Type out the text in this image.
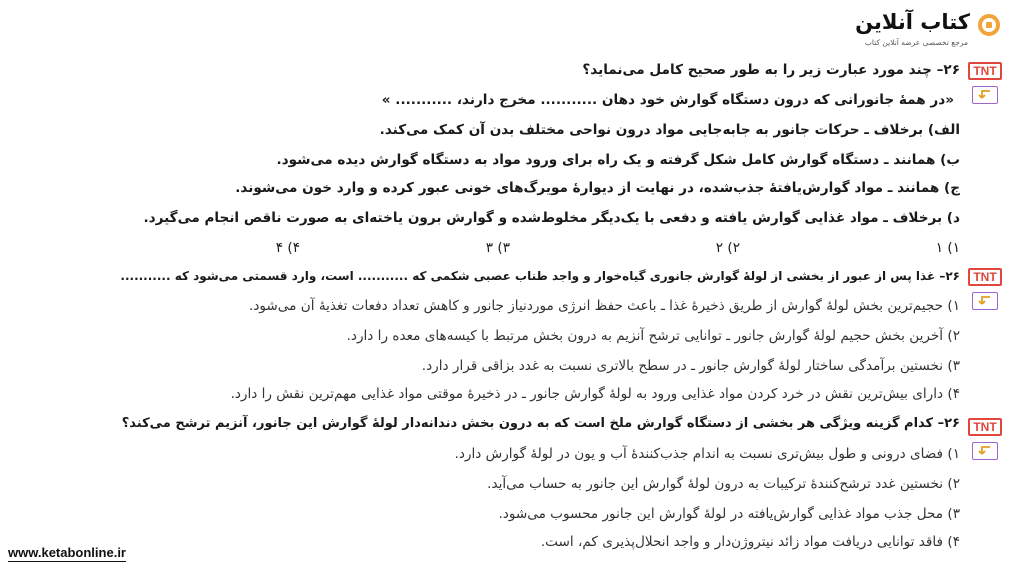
کتاب آنلاین
مرجع تخصصی عرضه آنلاین کتاب
TNT
TNT
TNT
۲۶– چند مورد عبارت زیر را به طور صحیح کامل می‌نماید؟
«در همهٔ جانورانی که درون دستگاه گوارش خود دهان ........... مخرج دارند، ........... »
الف) برخلاف ـ حرکات جانور به جابه‌جایی مواد درون نواحی مختلف بدن آن کمک می‌کند.
ب) همانند ـ دستگاه گوارش کامل شکل گرفته و یک راه برای ورود مواد به دستگاه گوارش دیده می‌شود.
ج) همانند ـ مواد گوارش‌یافتهٔ جذب‌شده، در نهایت از دیوارهٔ مویرگ‌های خونی عبور کرده و وارد خون می‌شوند.
د) برخلاف ـ مواد غذایی گوارش یافته و دفعی با یک‌دیگر مخلوط‌شده و گوارش برون یاخته‌ای به صورت ناقص انجام می‌گیرد.
۱) ۱
۲) ۲
۳) ۳
۴) ۴
۲۶– غذا پس از عبور از بخشی از لولهٔ گوارش جانوری گیاه‌خوار و واجد طناب عصبی شکمی که ........... است، وارد قسمتی می‌شود که ...........
۱) حجیم‌ترین بخش لولهٔ گوارش از طریق ذخیرهٔ غذا ـ باعث حفظ انرژی موردنیاز جانور و کاهش تعداد دفعات تغذیهٔ آن می‌شود.
۲) آخرین بخش حجیم لولهٔ گوارش جانور ـ توانایی ترشح آنزیم به درون بخش مرتبط با کیسه‌های معده را دارد.
۳) نخستین برآمدگی ساختار لولهٔ گوارش جانور ـ در سطح بالاتری نسبت به غدد بزاقی قرار دارد.
۴) دارای بیش‌ترین نقش در خرد کردن مواد غذایی ورود به لولهٔ گوارش جانور ـ در ذخیرهٔ موقتی مواد غذایی مهم‌ترین نقش را دارد.
۲۶– کدام گزینه ویژگی هر بخشی از دستگاه گوارش ملخ است که به درون بخش دندانه‌دار لولهٔ گوارش این جانور، آنزیم ترشح می‌کند؟
۱) فضای درونی و طول بیش‌تری نسبت به اندام جذب‌کنندهٔ آب و یون در لولهٔ گوارش دارد.
۲) نخستین غدد ترشح‌کنندهٔ ترکیبات به درون لولهٔ گوارش این جانور به حساب می‌آید.
۳) محل جذب مواد غذایی گوارش‌یافته در لولهٔ گوارش این جانور محسوب می‌شود.
۴) فاقد توانایی دریافت مواد زائد نیتروژن‌دار و واجد انحلال‌پذیری کم، است.
www.ketabonline.ir
